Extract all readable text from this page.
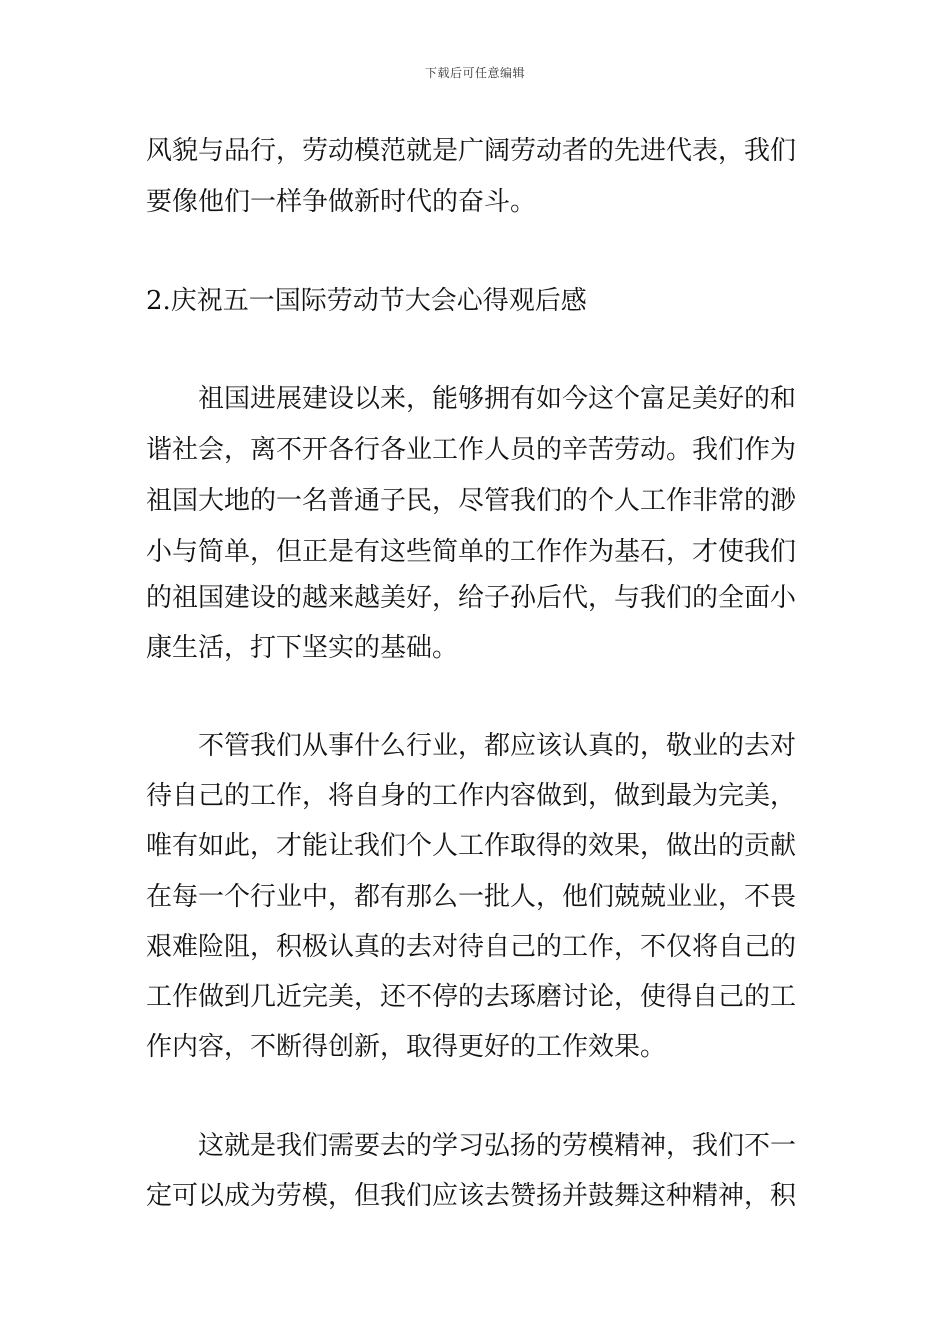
下载后可任意编辑
风貌与品行，劳动模范就是广阔劳动者的先进代表，我们
要像他们一样争做新时代的奋斗。
2.庆祝五一国际劳动节大会心得观后感
祖国进展建设以来，能够拥有如今这个富足美好的和
谐社会，离不开各行各业工作人员的辛苦劳动。我们作为
祖国大地的一名普通子民，尽管我们的个人工作非常的渺
小与简单，但正是有这些简单的工作作为基石，才使我们
的祖国建设的越来越美好，给子孙后代，与我们的全面小
康生活，打下坚实的基础。
不管我们从事什么行业，都应该认真的，敬业的去对
待自己的工作，将自身的工作内容做到，做到最为完美，
唯有如此，才能让我们个人工作取得的效果，做出的贡献
在每一个行业中，都有那么一批人，他们兢兢业业，不畏
艰难险阻，积极认真的去对待自己的工作，不仅将自己的
工作做到几近完美，还不停的去琢磨讨论，使得自己的工
作内容，不断得创新，取得更好的工作效果。
这就是我们需要去的学习弘扬的劳模精神，我们不一
定可以成为劳模，但我们应该去赞扬并鼓舞这种精神，积
